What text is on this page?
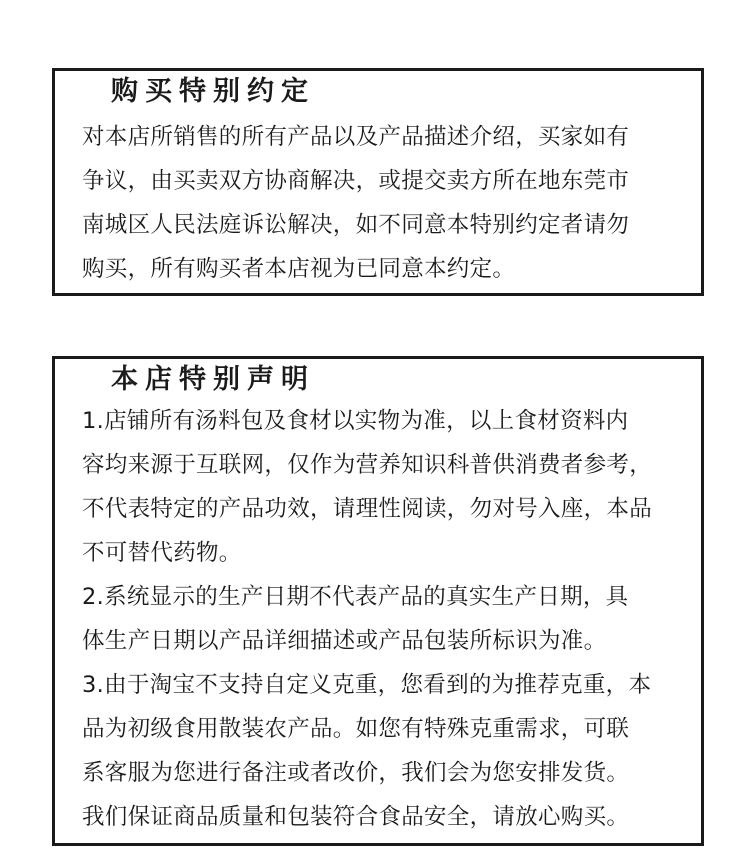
购买特别约定
对本店所销售的所有产品以及产品描述介绍，买家如有
争议，由买卖双方协商解决，或提交卖方所在地东莞市
南城区人民法庭诉讼解决，如不同意本特别约定者请勿
购买，所有购买者本店视为已同意本约定。
本店特别声明
1.店铺所有汤料包及食材以实物为准，以上食材资料内
容均来源于互联网，仅作为营养知识科普供消费者参考，
不代表特定的产品功效，请理性阅读，勿对号入座，本品
不可替代药物。
2.系统显示的生产日期不代表产品的真实生产日期，具
体生产日期以产品详细描述或产品包装所标识为准。
3.由于淘宝不支持自定义克重，您看到的为推荐克重，本
品为初级食用散装农产品。如您有特殊克重需求，可联
系客服为您进行备注或者改价，我们会为您安排发货。
我们保证商品质量和包装符合食品安全，请放心购买。
